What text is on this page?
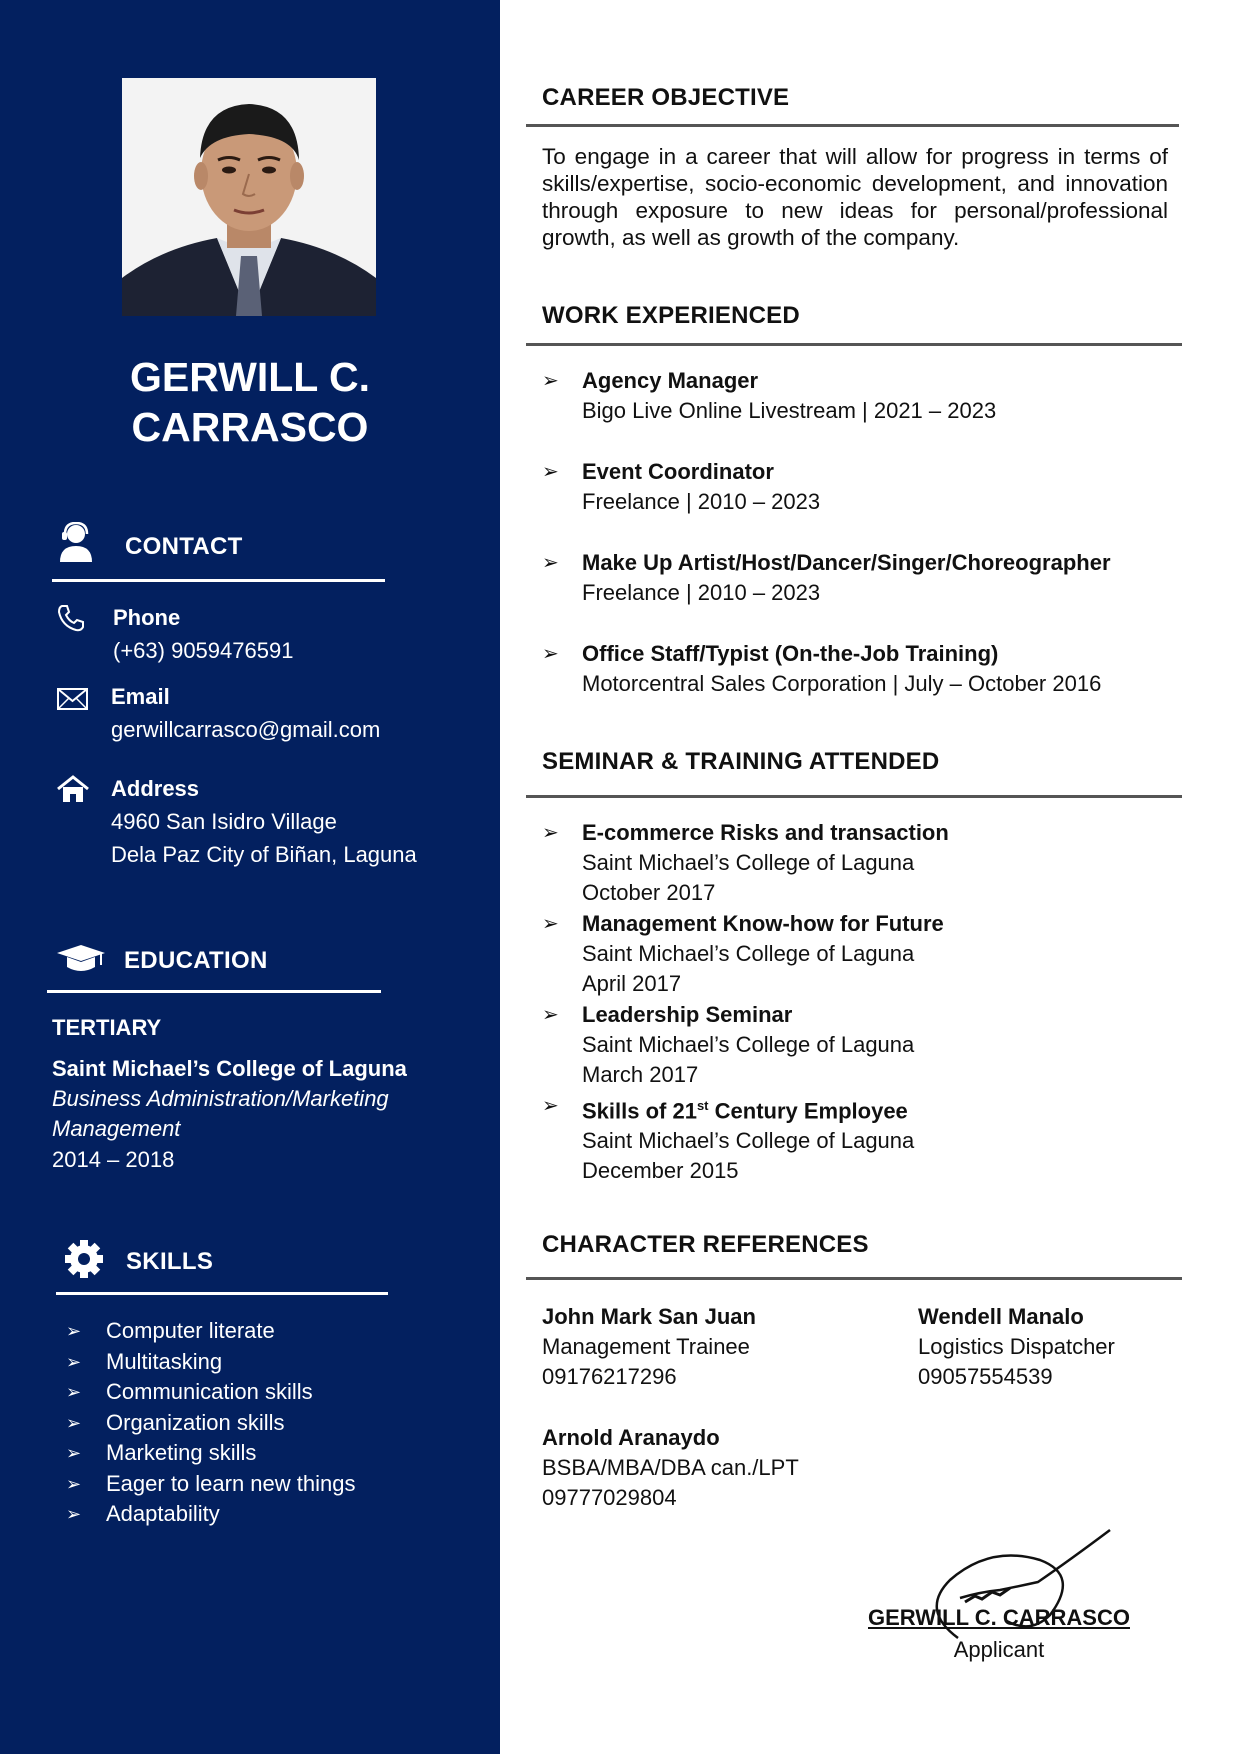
GERWILL C.
CARRASCO
CONTACT
Phone
(+63) 9059476591
Email
gerwillcarrasco@gmail.com
Address
4960 San Isidro Village
Dela Paz City of Biñan, Laguna
EDUCATION
TERTIARY
Saint Michael’s College of Laguna
Business Administration/Marketing
Management
2014 – 2018
SKILLS
➢ Computer literate
➢ Multitasking
➢ Communication skills
➢ Organization skills
➢ Marketing skills
➢ Eager to learn new things
➢ Adaptability
CAREER OBJECTIVE
To engage in a career that will allow for progress in terms of skills/expertise, socio-economic development, and innovation through exposure to new ideas for personal/professional growth, as well as growth of the company.
WORK EXPERIENCED
➢ Agency Manager
Bigo Live Online Livestream | 2021 – 2023
➢ Event Coordinator
Freelance | 2010 – 2023
➢ Make Up Artist/Host/Dancer/Singer/Choreographer
Freelance | 2010 – 2023
➢ Office Staff/Typist (On-the-Job Training)
Motorcentral Sales Corporation | July – October 2016
SEMINAR & TRAINING ATTENDED
➢ E-commerce Risks and transaction
Saint Michael’s College of Laguna
October 2017
➢ Management Know-how for Future
Saint Michael’s College of Laguna
April 2017
➢ Leadership Seminar
Saint Michael’s College of Laguna
March 2017
➢ Skills of 21st Century Employee
Saint Michael’s College of Laguna
December 2015
CHARACTER REFERENCES
John Mark San Juan
Management Trainee
09176217296
Wendell Manalo
Logistics Dispatcher
09057554539
Arnold Aranaydo
BSBA/MBA/DBA can./LPT
09777029804
GERWILL C. CARRASCO
Applicant
